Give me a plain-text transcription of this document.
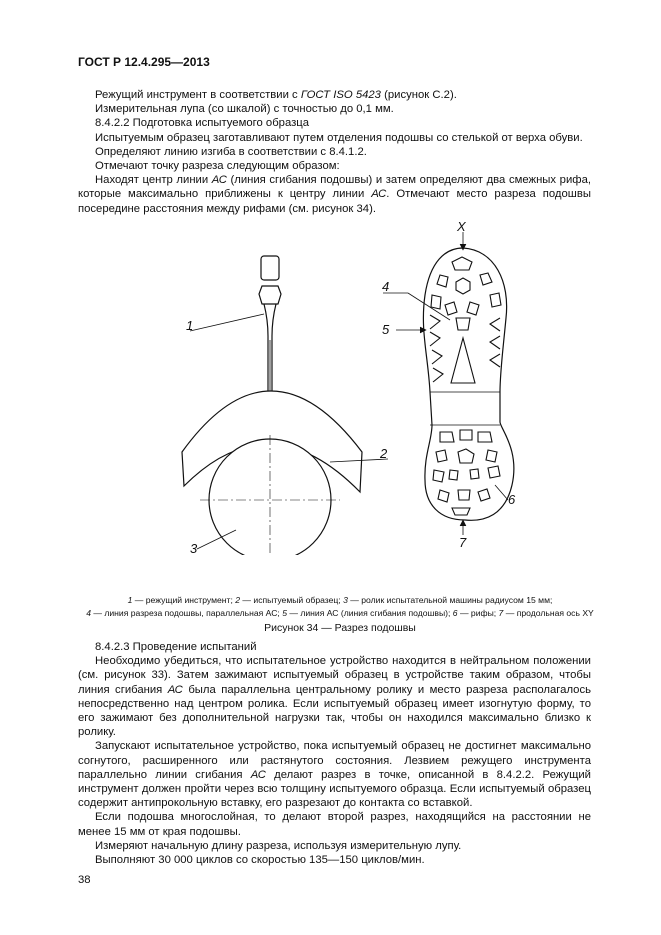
ГОСТ Р 12.4.295—2013

Режущий инструмент в соответствии с ГОСТ ISO 5423 (рисунок С.2).

Измерительная лупа (со шкалой) с точностью до 0,1 мм.

8.4.2.2 Подготовка испытуемого образца

Испытуемым образец заготавливают путем отделения подошвы со стелькой от верха обуви.

Определяют линию изгиба в соответствии с 8.4.1.2.

Отмечают точку разреза следующим образом:

Находят центр линии АС (линия сгибания подошвы) и затем определяют два смежных рифа, которые максимально приближены к центру линии АС. Отмечают место разреза подошвы посередине расстояния между рифами (см. рисунок 34).

1
2
3
4
5
6
7
X
1 — режущий инструмент; 2 — испытуемый образец; 3 — ролик испытательной машины радиусом 15 мм;
4 — линия разреза подошвы, параллельная АС; 5 — линия АС (линия сгибания подошвы); 6 — рифы; 7 — продольная ось XY
Рисунок 34 — Разрез подошвы

8.4.2.3 Проведение испытаний

Необходимо убедиться, что испытательное устройство находится в нейтральном положении (см. рисунок 33). Затем зажимают испытуемый образец в устройстве таким образом, чтобы линия сгибания АС была параллельна центральному ролику и место разреза располагалось непосредственно над центром ролика. Если испытуемый образец имеет изогнутую форму, то его зажимают без дополнительной нагрузки так, чтобы он находился максимально близко к ролику.

Запускают испытательное устройство, пока испытуемый образец не достигнет максимально согнутого, расширенного или растянутого состояния. Лезвием режущего инструмента параллельно линии сгибания АС делают разрез в точке, описанной в 8.4.2.2. Режущий инструмент должен пройти через всю толщину испытуемого образца. Если испытуемый образец содержит антипрокольную вставку, его разрезают до контакта со вставкой.

Если подошва многослойная, то делают второй разрез, находящийся на расстоянии не менее 15 мм от края подошвы.

Измеряют начальную длину разреза, используя измерительную лупу.

Выполняют 30 000 циклов со скоростью 135—150 циклов/мин.

38
